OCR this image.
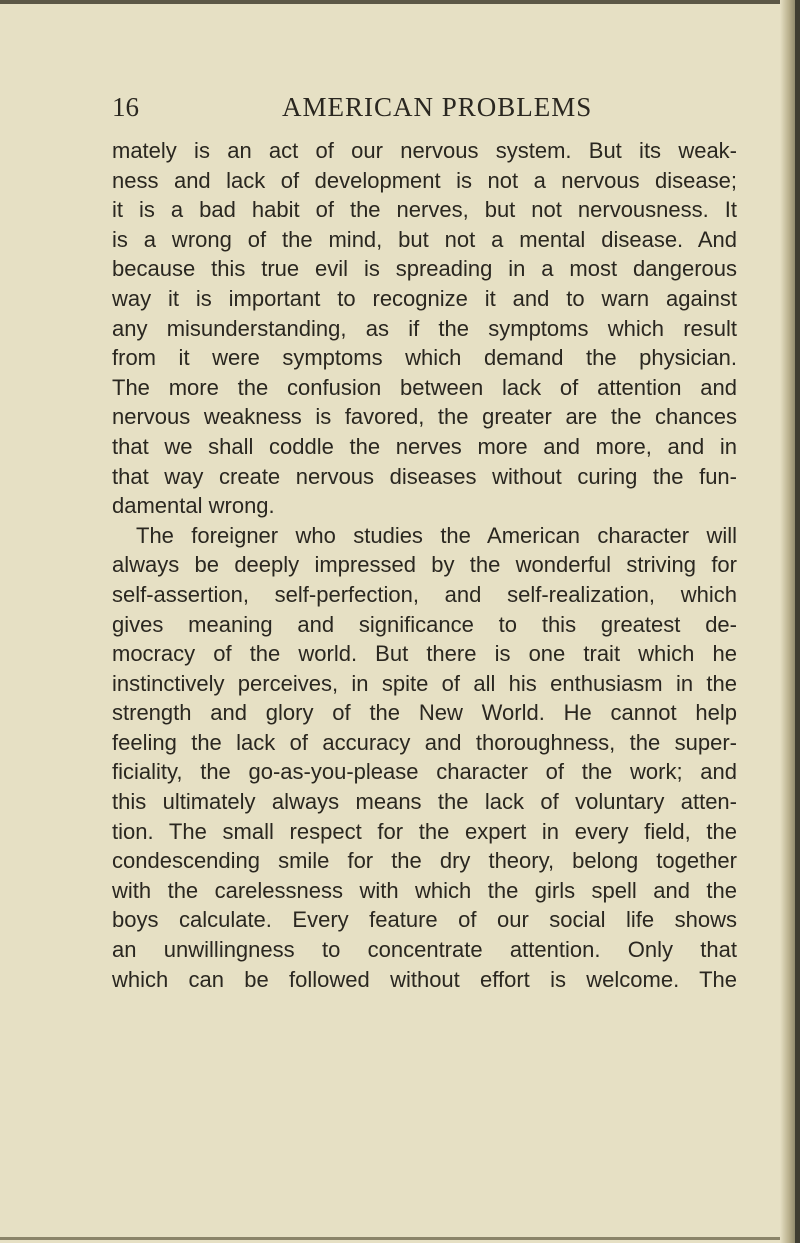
16	AMERICAN PROBLEMS
mately is an act of our nervous system. But its weak-
ness and lack of development is not a nervous disease;
it is a bad habit of the nerves, but not nervousness. It
is a wrong of the mind, but not a mental disease. And
because this true evil is spreading in a most dangerous
way it is important to recognize it and to warn against
any misunderstanding, as if the symptoms which result
from it were symptoms which demand the physician.
The more the confusion between lack of attention and
nervous weakness is favored, the greater are the chances
that we shall coddle the nerves more and more, and in
that way create nervous diseases without curing the fun-
damental wrong.
The foreigner who studies the American character will
always be deeply impressed by the wonderful striving for
self-assertion, self-perfection, and self-realization, which
gives meaning and significance to this greatest de-
mocracy of the world. But there is one trait which he
instinctively perceives, in spite of all his enthusiasm in the
strength and glory of the New World. He cannot help
feeling the lack of accuracy and thoroughness, the super-
ficiality, the go-as-you-please character of the work; and
this ultimately always means the lack of voluntary atten-
tion. The small respect for the expert in every field, the
condescending smile for the dry theory, belong together
with the carelessness with which the girls spell and the
boys calculate. Every feature of our social life shows
an unwillingness to concentrate attention. Only that
which can be followed without effort is welcome. The
